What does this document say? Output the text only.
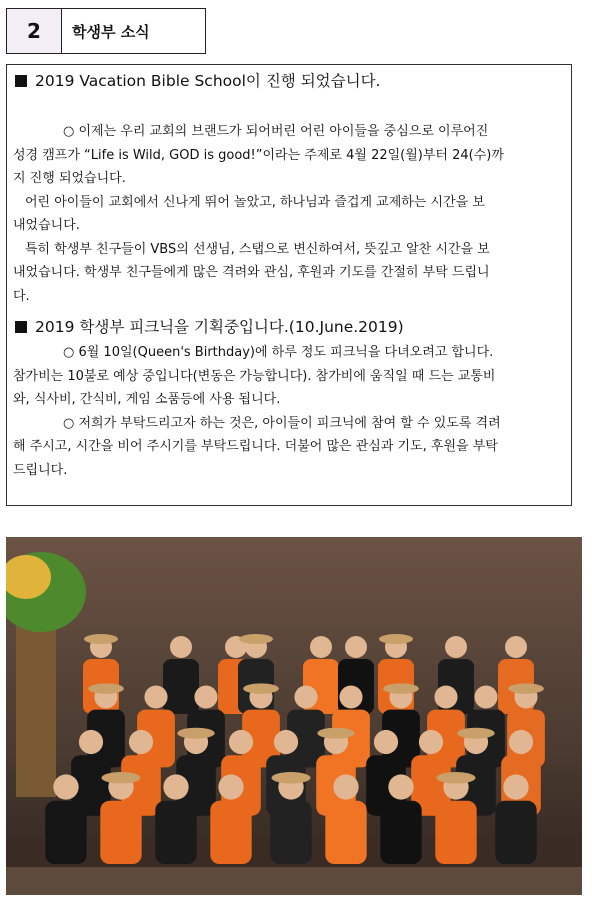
2	학생부 소식
2019 Vacation Bible School이 진행 되었습니다.
○ 이제는 우리 교회의 브랜드가 되어버린 어린 아이들을 중심으로 이루어진
성경 캠프가 “Life is Wild, GOD is good!”이라는 주제로 4월 22일(월)부터 24(수)까
지 진행 되었습니다.
어린 아이들이 교회에서 신나게 뛰어 놀았고, 하나님과 즐겁게 교제하는 시간을 보
내었습니다.
특히 학생부 친구들이 VBS의 선생님, 스탭으로 변신하여서, 뜻깊고 알찬 시간을 보
내었습니다. 학생부 친구들에게 많은 격려와 관심, 후원과 기도를 간절히 부탁 드립니
다.
2019 학생부 피크닉을 기획중입니다.(10.June.2019)
○ 6월 10일(Queen's Birthday)에 하루 정도 피크닉을 다녀오려고 합니다.
참가비는 10불로 예상 중입니다(변동은 가능합니다). 참가비에 움직일 때 드는 교통비
와, 식사비, 간식비, 게임 소품등에 사용 됩니다.
○ 저희가 부탁드리고자 하는 것은, 아이들이 피크닉에 참여 할 수 있도록 격려
해 주시고, 시간을 비어 주시기를 부탁드립니다. 더불어 많은 관심과 기도, 후원을 부탁
드립니다.
